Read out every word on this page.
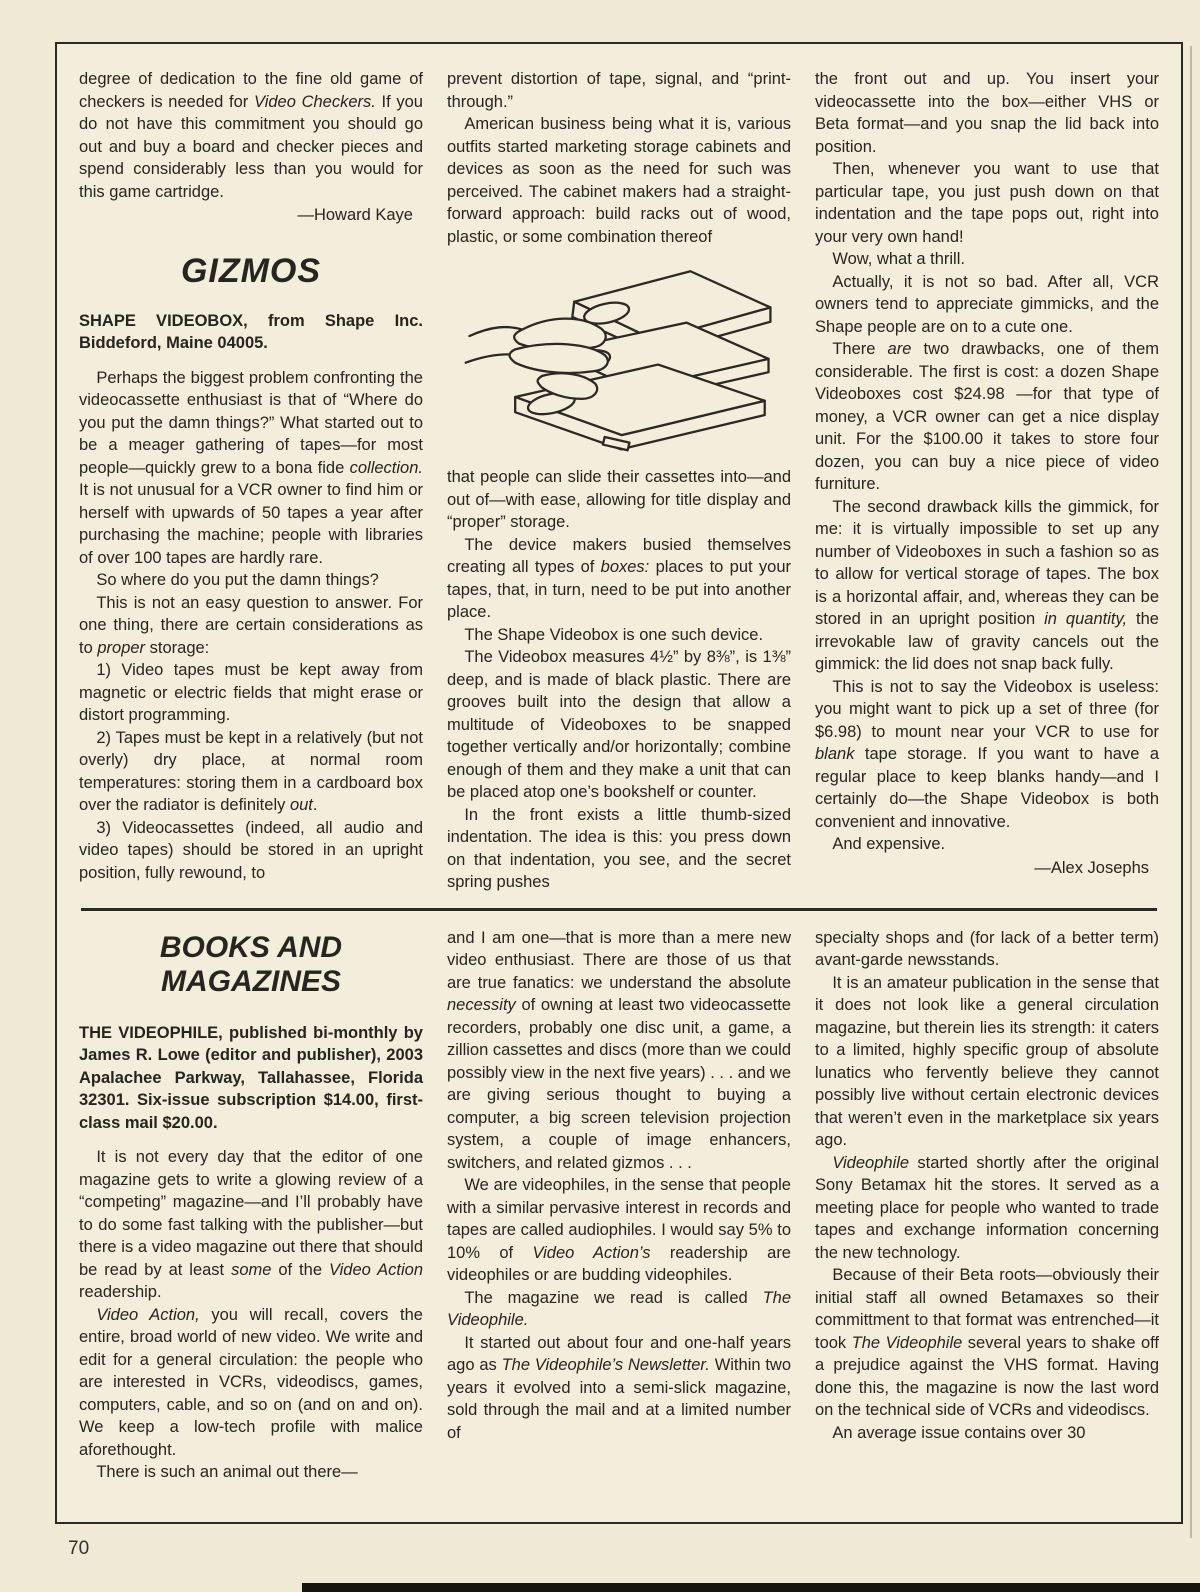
degree of dedication to the fine old game of checkers is needed for Video Checkers. If you do not have this commitment you should go out and buy a board and checker pieces and spend considerably less than you would for this game cartridge.

—Howard Kaye

GIZMOS

SHAPE VIDEOBOX, from Shape Inc. Biddeford, Maine 04005.

Perhaps the biggest problem confronting the videocassette enthusiast is that of “Where do you put the damn things?” What started out to be a meager gathering of tapes—for most people—quickly grew to a bona fide collection. It is not unusual for a VCR owner to find him or herself with upwards of 50 tapes a year after purchasing the machine; people with libraries of over 100 tapes are hardly rare.

So where do you put the damn things?

This is not an easy question to answer. For one thing, there are certain considerations as to proper storage:

1) Video tapes must be kept away from magnetic or electric fields that might erase or distort programming.

2) Tapes must be kept in a relatively (but not overly) dry place, at normal room temperatures: storing them in a cardboard box over the radiator is definitely out.

3) Videocassettes (indeed, all audio and video tapes) should be stored in an upright position, fully rewound, to

prevent distortion of tape, signal, and “print-through.”

American business being what it is, various outfits started marketing storage cabinets and devices as soon as the need for such was perceived. The cabinet makers had a straight-forward approach: build racks out of wood, plastic, or some combination thereof

that people can slide their cassettes into—and out of—with ease, allowing for title display and “proper” storage.

The device makers busied themselves creating all types of boxes: places to put your tapes, that, in turn, need to be put into another place.

The Shape Videobox is one such device.

The Videobox measures 4½” by 8⅜”, is 1⅜” deep, and is made of black plastic. There are grooves built into the design that allow a multitude of Videoboxes to be snapped together vertically and/or horizontally; combine enough of them and they make a unit that can be placed atop one’s bookshelf or counter.

In the front exists a little thumb-sized indentation. The idea is this: you press down on that indentation, you see, and the secret spring pushes

the front out and up. You insert your videocassette into the box—either VHS or Beta format—and you snap the lid back into position.

Then, whenever you want to use that particular tape, you just push down on that indentation and the tape pops out, right into your very own hand!

Wow, what a thrill.

Actually, it is not so bad. After all, VCR owners tend to appreciate gimmicks, and the Shape people are on to a cute one.

There are two drawbacks, one of them considerable. The first is cost: a dozen Shape Videoboxes cost $24.98 —for that type of money, a VCR owner can get a nice display unit. For the $100.00 it takes to store four dozen, you can buy a nice piece of video furniture.

The second drawback kills the gimmick, for me: it is virtually impossible to set up any number of Videoboxes in such a fashion so as to allow for vertical storage of tapes. The box is a horizontal affair, and, whereas they can be stored in an upright position in quantity, the irrevokable law of gravity cancels out the gimmick: the lid does not snap back fully.

This is not to say the Videobox is useless: you might want to pick up a set of three (for $6.98) to mount near your VCR to use for blank tape storage. If you want to have a regular place to keep blanks handy—and I certainly do—the Shape Videobox is both convenient and innovative.

And expensive.

—Alex Josephs

BOOKS AND MAGAZINES

THE VIDEOPHILE, published bi-monthly by James R. Lowe (editor and publisher), 2003 Apalachee Parkway, Tallahassee, Florida 32301. Six-issue subscription $14.00, first-class mail $20.00.

It is not every day that the editor of one magazine gets to write a glowing review of a “competing” magazine—and I’ll probably have to do some fast talking with the publisher—but there is a video magazine out there that should be read by at least some of the Video Action readership.

Video Action, you will recall, covers the entire, broad world of new video. We write and edit for a general circulation: the people who are interested in VCRs, videodiscs, games, computers, cable, and so on (and on and on). We keep a low-tech profile with malice aforethought.

There is such an animal out there—

and I am one—that is more than a mere new video enthusiast. There are those of us that are true fanatics: we understand the absolute necessity of owning at least two videocassette recorders, probably one disc unit, a game, a zillion cassettes and discs (more than we could possibly view in the next five years) . . . and we are giving serious thought to buying a computer, a big screen television projection system, a couple of image enhancers, switchers, and related gizmos . . .

We are videophiles, in the sense that people with a similar pervasive interest in records and tapes are called audiophiles. I would say 5% to 10% of Video Action’s readership are videophiles or are budding videophiles.

The magazine we read is called The Videophile.

It started out about four and one-half years ago as The Videophile’s Newsletter. Within two years it evolved into a semi-slick magazine, sold through the mail and at a limited number of

specialty shops and (for lack of a better term) avant-garde newsstands.

It is an amateur publication in the sense that it does not look like a general circulation magazine, but therein lies its strength: it caters to a limited, highly specific group of absolute lunatics who fervently believe they cannot possibly live without certain electronic devices that weren’t even in the marketplace six years ago.

Videophile started shortly after the original Sony Betamax hit the stores. It served as a meeting place for people who wanted to trade tapes and exchange information concerning the new technology.

Because of their Beta roots—obviously their initial staff all owned Betamaxes so their committment to that format was entrenched—it took The Videophile several years to shake off a prejudice against the VHS format. Having done this, the magazine is now the last word on the technical side of VCRs and videodiscs.

An average issue contains over 30

70
